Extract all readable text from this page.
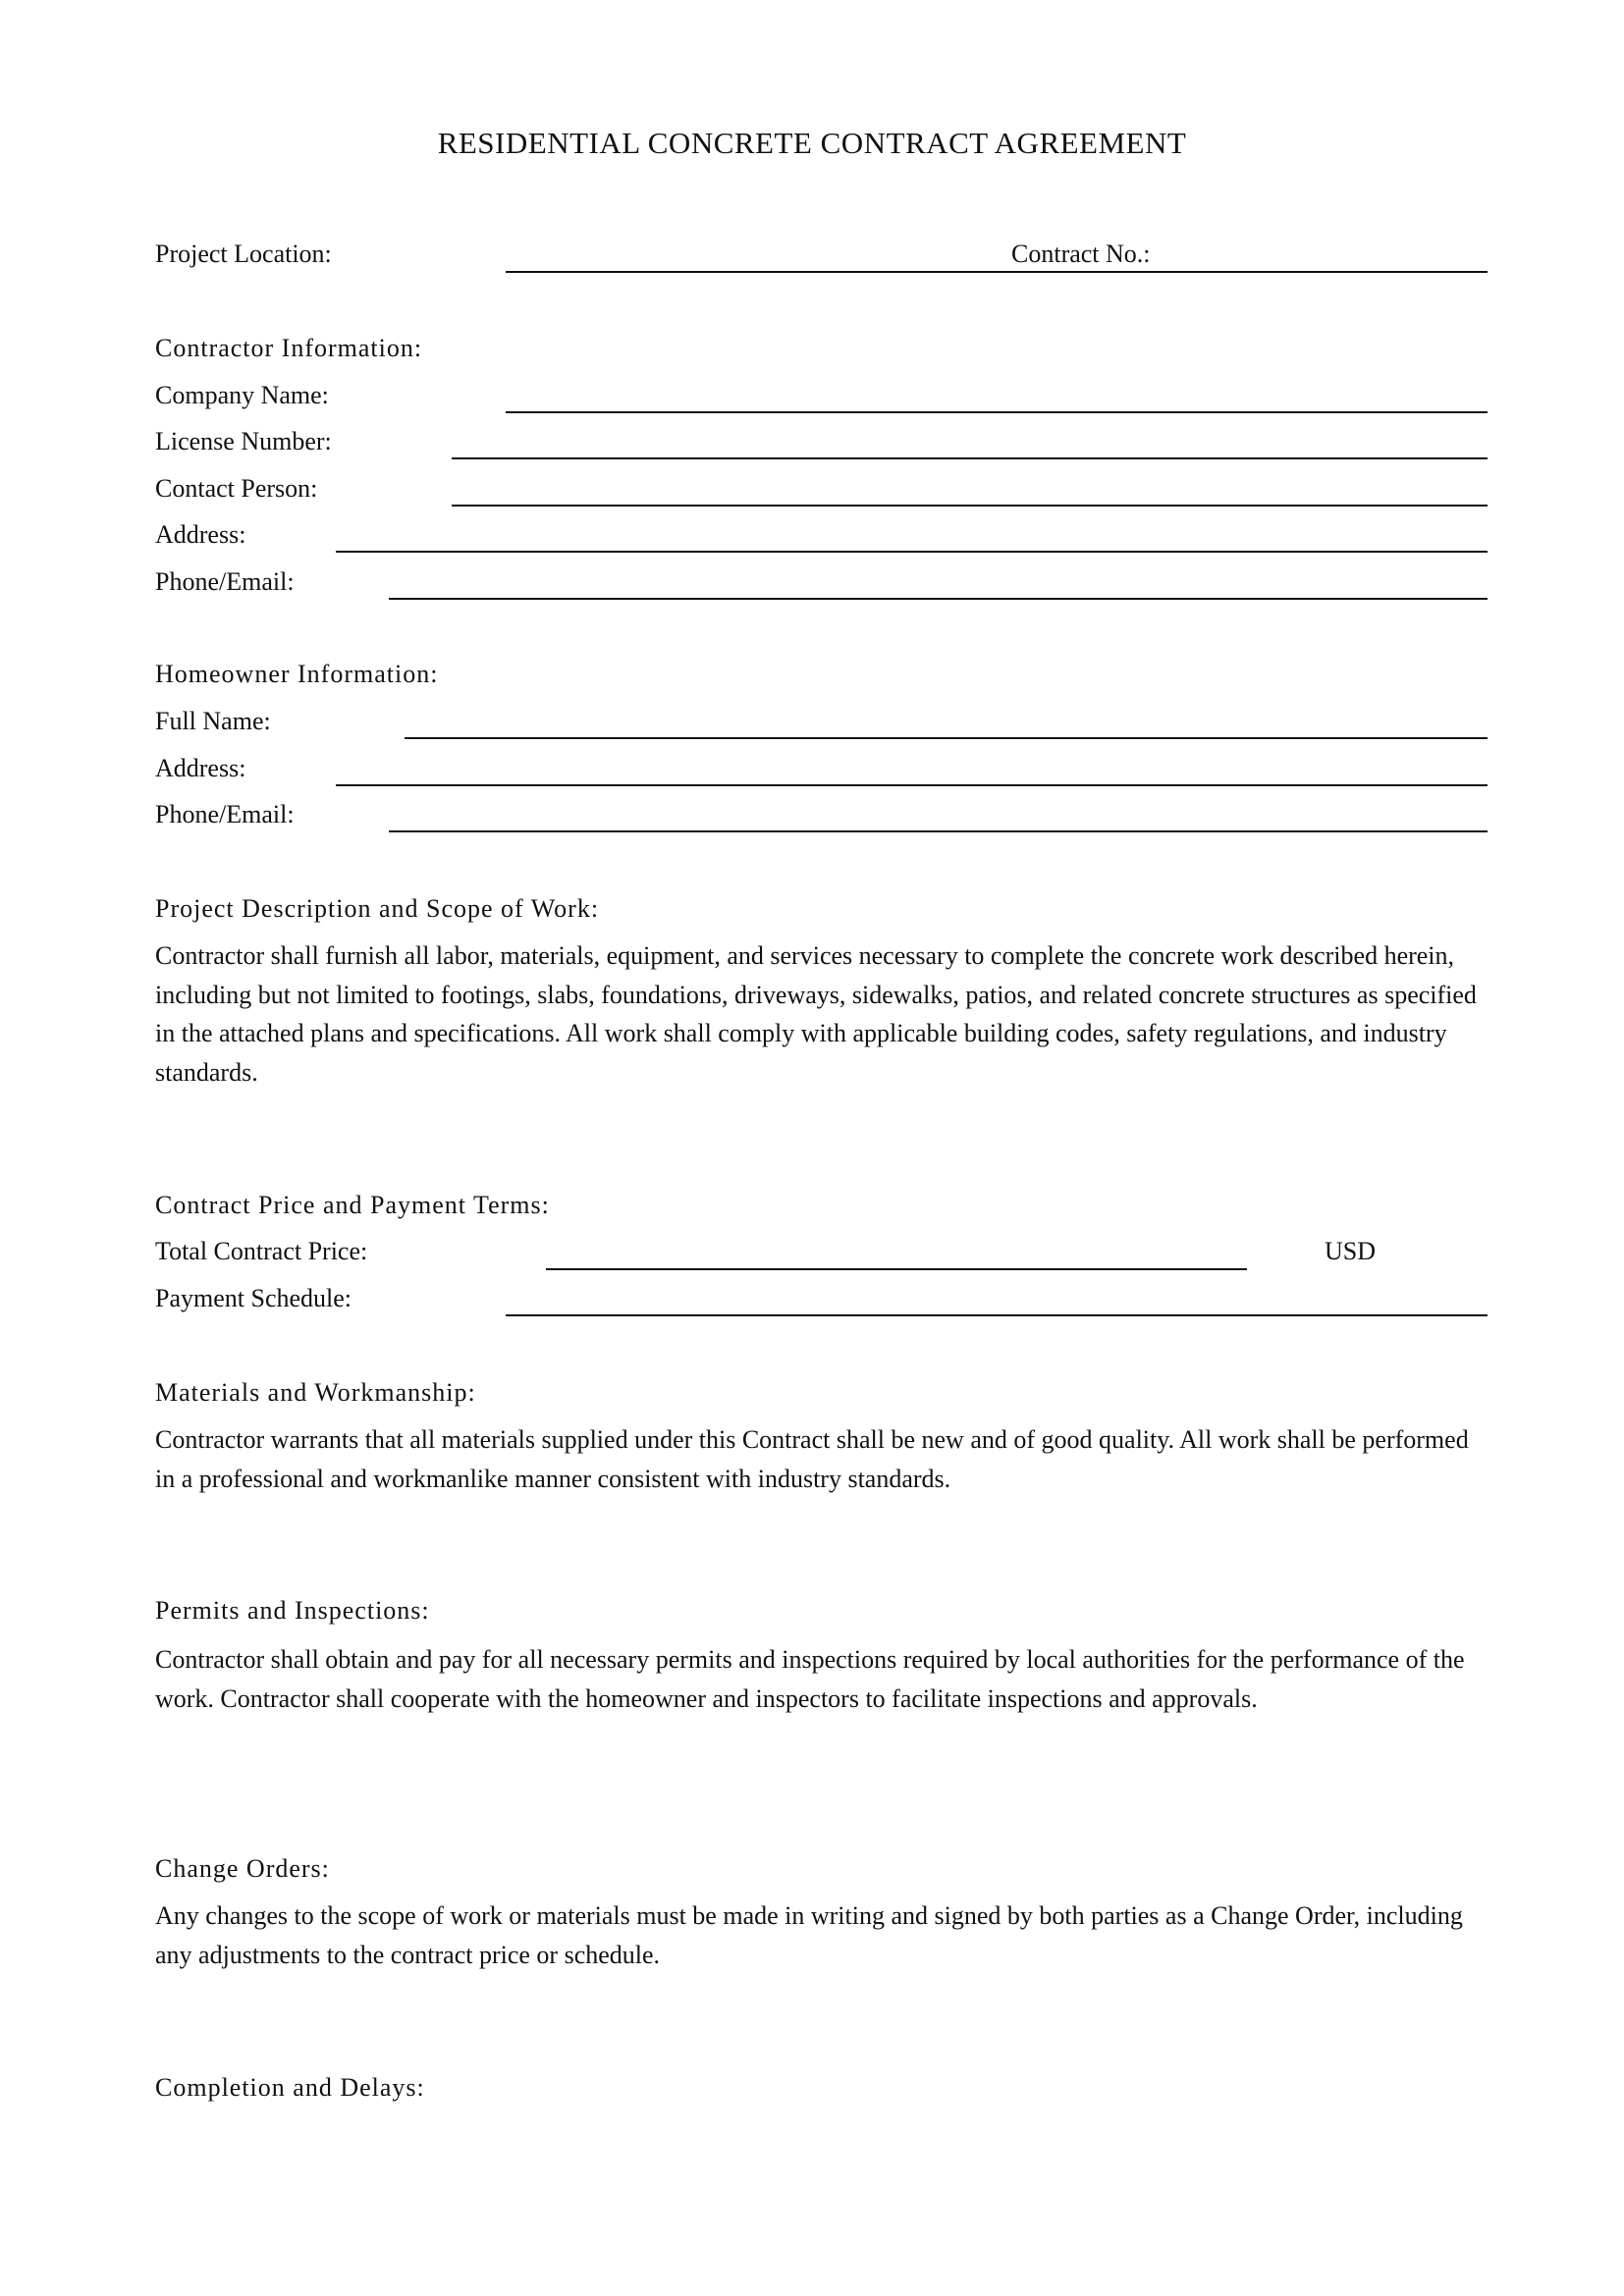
RESIDENTIAL CONCRETE CONTRACT AGREEMENT
Project Location:	Contract No.:
Contractor Information:
Company Name:
License Number:
Contact Person:
Address:
Phone/Email:
Homeowner Information:
Full Name:
Address:
Phone/Email:
Project Description and Scope of Work:

Contractor shall furnish all labor, materials, equipment, and services necessary to complete the concrete work described herein, including but not limited to footings, slabs, foundations, driveways, sidewalks, patios, and related concrete structures as specified in the attached plans and specifications. All work shall comply with applicable building codes, safety regulations, and industry standards.

Contract Price and Payment Terms:
Total Contract Price:	USD
Payment Schedule:
Materials and Workmanship:

Contractor warrants that all materials supplied under this Contract shall be new and of good quality. All work shall be performed in a professional and workmanlike manner consistent with industry standards.

Permits and Inspections:

Contractor shall obtain and pay for all necessary permits and inspections required by local authorities for the performance of the work. Contractor shall cooperate with the homeowner and inspectors to facilitate inspections and approvals.

Change Orders:

Any changes to the scope of work or materials must be made in writing and signed by both parties as a Change Order, including any adjustments to the contract price or schedule.

Completion and Delays:
